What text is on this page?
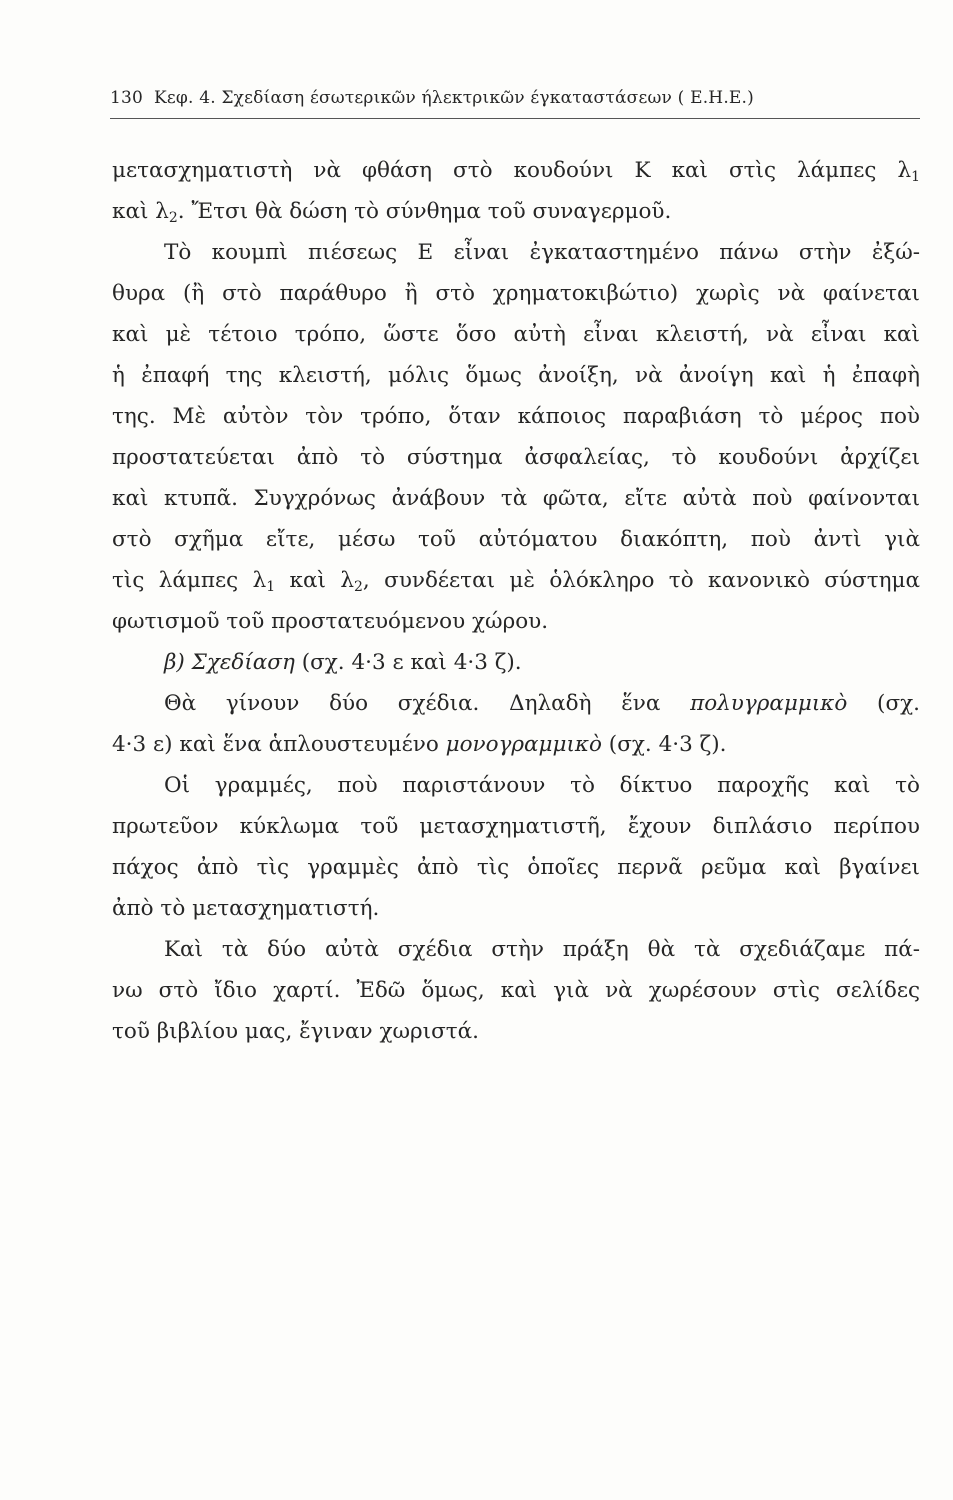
130 Κεφ. 4. Σχεδίαση έσωτερικῶν ήλεκτρικῶν έγκαταστάσεων ( Ε.Η.Ε.)
μετασχηματιστὴ νὰ φθάση στὸ κουδούνι Κ καὶ στὶς λάμπες $\lambda_1$
καὶ $\lambda_2$. Ἔτσι θὰ δώση τὸ σύνθημα τοῦ συναγερμοῦ.
Τὸ κουμπὶ πιέσεως Ε εἶναι ἐγκαταστημένο πάνω στὴν ἐξώ-
θυρα (ἢ στὸ παράθυρο ἢ στὸ χρηματοκιβώτιο) χωρὶς νὰ φαίνεται
καὶ μὲ τέτοιο τρόπο, ὥστε ὅσο αὐτὴ εἶναι κλειστή, νὰ εἶναι καὶ
ἡ ἐπαφή της κλειστή, μόλις ὅμως ἀνοίξη, νὰ ἀνοίγη καὶ ἡ ἐπαφὴ
της. Μὲ αὐτὸν τὸν τρόπο, ὅταν κάποιος παραβιάση τὸ μέρος ποὺ
προστατεύεται ἀπὸ τὸ σύστημα ἀσφαλείας, τὸ κουδούνι ἀρχίζει
καὶ κτυπᾶ. Συγχρόνως ἀνάβουν τὰ φῶτα, εἴτε αὐτὰ ποὺ φαίνονται
στὸ σχῆμα εἴτε, μέσω τοῦ αὐτόματου διακόπτη, ποὺ ἀντὶ γιὰ
τὶς λάμπες $\lambda_1$ καὶ $\lambda_2$, συνδέεται μὲ ὁλόκληρο τὸ κανονικὸ σύστημα
φωτισμοῦ τοῦ προστατευόμενου χώρου.
β) Σχεδίαση (σχ. 4·3 ε καὶ 4·3 ζ).
Θὰ γίνουν δύο σχέδια. Δηλαδὴ ἕνα πολυγραμμικὸ (σχ.
4·3 ε) καὶ ἕνα ἁπλουστευμένο μονογραμμικὸ (σχ. 4·3 ζ).
Οἱ γραμμές, ποὺ παριστάνουν τὸ δίκτυο παροχῆς καὶ τὸ
πρωτεῦον κύκλωμα τοῦ μετασχηματιστῆ, ἔχουν διπλάσιο περίπου
πάχος ἀπὸ τὶς γραμμὲς ἀπὸ τὶς ὁποῖες περνᾶ ρεῦμα καὶ βγαίνει
ἀπὸ τὸ μετασχηματιστή.
Καὶ τὰ δύο αὐτὰ σχέδια στὴν πράξη θὰ τὰ σχεδιάζαμε πά-
νω στὸ ἴδιο χαρτί. Ἐδῶ ὅμως, καὶ γιὰ νὰ χωρέσουν στὶς σελίδες
τοῦ βιβλίου μας, ἔγιναν χωριστά.
